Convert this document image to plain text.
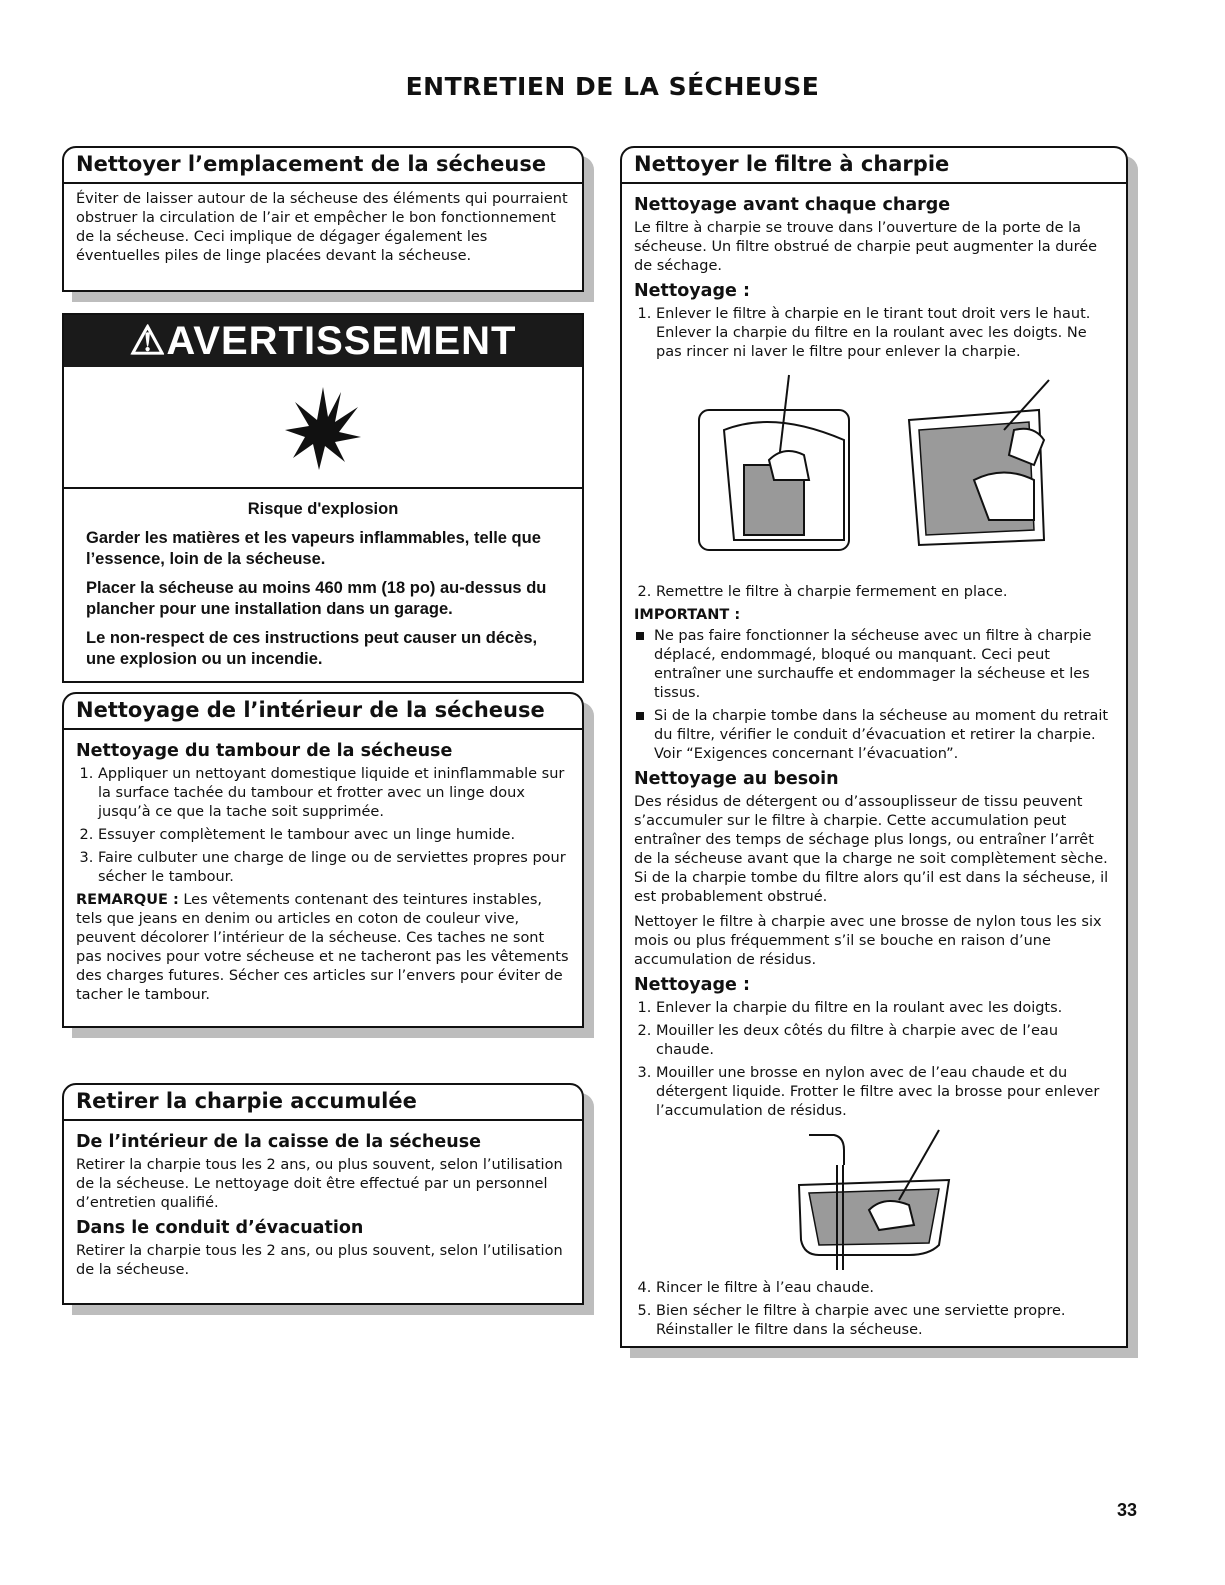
ENTRETIEN DE LA SÉCHEUSE
Nettoyer l’emplacement de la sécheuse

Éviter de laisser autour de la sécheuse des éléments qui pourraient obstruer la circulation de l’air et empêcher le bon fonctionnement de la sécheuse. Ceci implique de dégager également les éventuelles piles de linge placées devant la sécheuse.

⚠AVERTISSEMENT

Risque d'explosion

Garder les matières et les vapeurs inflammables, telle que l’essence, loin de la sécheuse.

Placer la sécheuse au moins 460 mm (18 po) au-dessus du plancher pour une installation dans un garage.

Le non-respect de ces instructions peut causer un décès, une explosion ou un incendie.

Nettoyage de l’intérieur de la sécheuse
Nettoyage du tambour de la sécheuse
1. Appliquer un nettoyant domestique liquide et ininflammable sur la surface tachée du tambour et frotter avec un linge doux jusqu’à ce que la tache soit supprimée.
2. Essuyer complètement le tambour avec un linge humide.
3. Faire culbuter une charge de linge ou de serviettes propres pour sécher le tambour.

REMARQUE : Les vêtements contenant des teintures instables, tels que jeans en denim ou articles en coton de couleur vive, peuvent décolorer l’intérieur de la sécheuse. Ces taches ne sont pas nocives pour votre sécheuse et ne tacheront pas les vêtements des charges futures. Sécher ces articles sur l’envers pour éviter de tacher le tambour.

Retirer la charpie accumulée
De l’intérieur de la caisse de la sécheuse

Retirer la charpie tous les 2 ans, ou plus souvent, selon l’utilisation de la sécheuse. Le nettoyage doit être effectué par un personnel d’entretien qualifié.

Dans le conduit d’évacuation

Retirer la charpie tous les 2 ans, ou plus souvent, selon l’utilisation de la sécheuse.

Nettoyer le filtre à charpie
Nettoyage avant chaque charge

Le filtre à charpie se trouve dans l’ouverture de la porte de la sécheuse. Un filtre obstrué de charpie peut augmenter la durée de séchage.

Nettoyage :
1. Enlever le filtre à charpie en le tirant tout droit vers le haut. Enlever la charpie du filtre en la roulant avec les doigts. Ne pas rincer ni laver le filtre pour enlever la charpie.
2. Remettre le filtre à charpie fermement en place.
IMPORTANT :
Ne pas faire fonctionner la sécheuse avec un filtre à charpie déplacé, endommagé, bloqué ou manquant. Ceci peut entraîner une surchauffe et endommager la sécheuse et les tissus.
Si de la charpie tombe dans la sécheuse au moment du retrait du filtre, vérifier le conduit d’évacuation et retirer la charpie. Voir “Exigences concernant l’évacuation”.
Nettoyage au besoin

Des résidus de détergent ou d’assouplisseur de tissu peuvent s’accumuler sur le filtre à charpie. Cette accumulation peut entraîner des temps de séchage plus longs, ou entraîner l’arrêt de la sécheuse avant que la charge ne soit complètement sèche. Si de la charpie tombe du filtre alors qu’il est dans la sécheuse, il est probablement obstrué.

Nettoyer le filtre à charpie avec une brosse de nylon tous les six mois ou plus fréquemment s’il se bouche en raison d’une accumulation de résidus.

Nettoyage :
1. Enlever la charpie du filtre en la roulant avec les doigts.
2. Mouiller les deux côtés du filtre à charpie avec de l’eau chaude.
3. Mouiller une brosse en nylon avec de l’eau chaude et du détergent liquide. Frotter le filtre avec la brosse pour enlever l’accumulation de résidus.
4. Rincer le filtre à l’eau chaude.
5. Bien sécher le filtre à charpie avec une serviette propre. Réinstaller le filtre dans la sécheuse.
33
